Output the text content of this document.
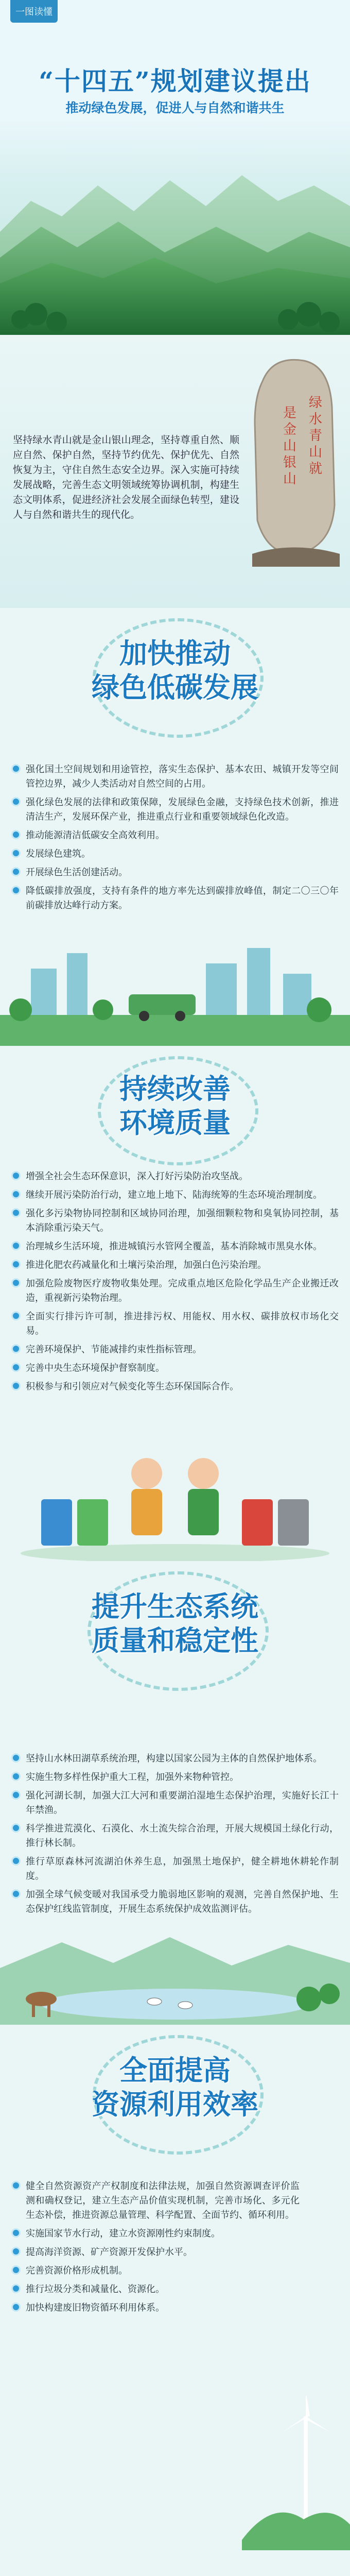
一图读懂
“十四五”规划建议提出
推动绿色发展，促进人与自然和谐共生
绿水青山就
是金山银山
坚持绿水青山就是金山银山理念，坚持尊重自然、顺应自然、保护自然，坚持节约优先、保护优先、自然恢复为主，守住自然生态安全边界。深入实施可持续发展战略，完善生态文明领域统筹协调机制，构建生态文明体系，促进经济社会发展全面绿色转型，建设人与自然和谐共生的现代化。
加快推动
绿色低碳发展
强化国土空间规划和用途管控，落实生态保护、基本农田、城镇开发等空间管控边界，减少人类活动对自然空间的占用。
强化绿色发展的法律和政策保障，发展绿色金融，支持绿色技术创新，推进清洁生产，发展环保产业，推进重点行业和重要领域绿色化改造。
推动能源清洁低碳安全高效利用。
发展绿色建筑。
开展绿色生活创建活动。
降低碳排放强度，支持有条件的地方率先达到碳排放峰值，制定二〇三〇年前碳排放达峰行动方案。
持续改善
环境质量
增强全社会生态环保意识，深入打好污染防治攻坚战。
继续开展污染防治行动，建立地上地下、陆海统筹的生态环境治理制度。
强化多污染物协同控制和区域协同治理，加强细颗粒物和臭氧协同控制，基本消除重污染天气。
治理城乡生活环境，推进城镇污水管网全覆盖，基本消除城市黑臭水体。
推进化肥农药减量化和土壤污染治理，加强白色污染治理。
加强危险废物医疗废物收集处理。完成重点地区危险化学品生产企业搬迁改造，重视新污染物治理。
全面实行排污许可制，推进排污权、用能权、用水权、碳排放权市场化交易。
完善环境保护、节能减排约束性指标管理。
完善中央生态环境保护督察制度。
积极参与和引领应对气候变化等生态环保国际合作。
提升生态系统
质量和稳定性
坚持山水林田湖草系统治理，构建以国家公园为主体的自然保护地体系。
实施生物多样性保护重大工程，加强外来物种管控。
强化河湖长制，加强大江大河和重要湖泊湿地生态保护治理，实施好长江十年禁渔。
科学推进荒漠化、石漠化、水土流失综合治理，开展大规模国土绿化行动，推行林长制。
推行草原森林河流湖泊休养生息，加强黑土地保护，健全耕地休耕轮作制度。
加强全球气候变暖对我国承受力脆弱地区影响的观测，完善自然保护地、生态保护红线监管制度，开展生态系统保护成效监测评估。
全面提高
资源利用效率
健全自然资源资产产权制度和法律法规，加强自然资源调查评价监测和确权登记，建立生态产品价值实现机制，完善市场化、多元化生态补偿，推进资源总量管理、科学配置、全面节约、循环利用。
实施国家节水行动，建立水资源刚性约束制度。
提高海洋资源、矿产资源开发保护水平。
完善资源价格形成机制。
推行垃圾分类和减量化、资源化。
加快构建废旧物资循环利用体系。
